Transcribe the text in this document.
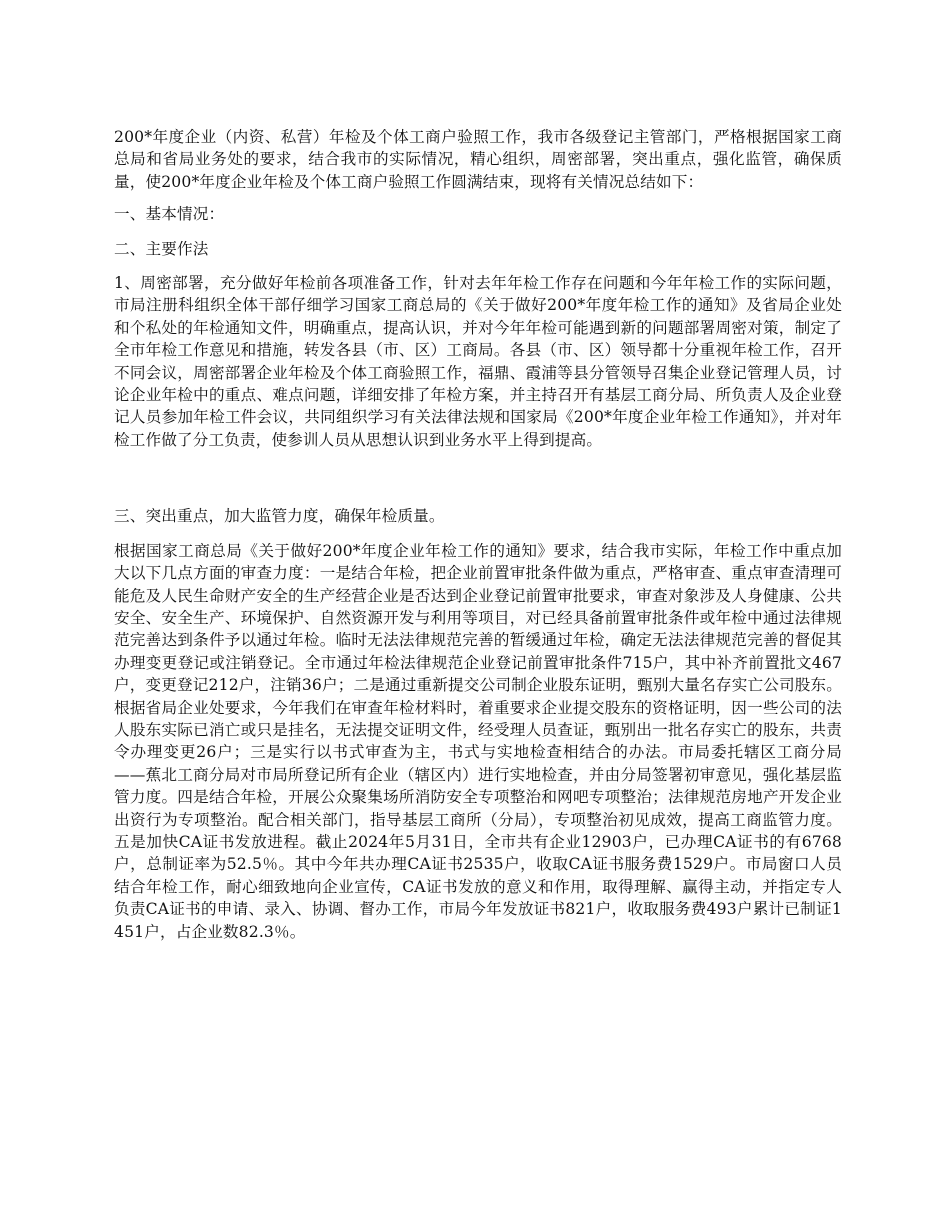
200*年度企业（内资、私营）年检及个体工商户验照工作，我市各级登记主管部门，严格根据国家工商总局和省局业务处的要求，结合我市的实际情况，精心组织，周密部署，突出重点，强化监管，确保质量，使200*年度企业年检及个体工商户验照工作圆满结束，现将有关情况总结如下：

一、基本情况：

二、主要作法

1、周密部署，充分做好年检前各项准备工作，针对去年年检工作存在问题和今年年检工作的实际问题，市局注册科组织全体干部仔细学习国家工商总局的《关于做好200*年度年检工作的通知》及省局企业处和个私处的年检通知文件，明确重点，提高认识，并对今年年检可能遇到新的问题部署周密对策，制定了全市年检工作意见和措施，转发各县（市、区）工商局。各县（市、区）领导都十分重视年检工作，召开不同会议，周密部署企业年检及个体工商验照工作，福鼎、霞浦等县分管领导召集企业登记管理人员，讨论企业年检中的重点、难点问题，详细安排了年检方案，并主持召开有基层工商分局、所负责人及企业登记人员参加年检工件会议，共同组织学习有关法律法规和国家局《200*年度企业年检工作通知》，并对年检工作做了分工负责，使参训人员从思想认识到业务水平上得到提高。

三、突出重点，加大监管力度，确保年检质量。

根据国家工商总局《关于做好200*年度企业年检工作的通知》要求，结合我市实际，年检工作中重点加大以下几点方面的审查力度：一是结合年检，把企业前置审批条件做为重点，严格审查、重点审查清理可能危及人民生命财产安全的生产经营企业是否达到企业登记前置审批要求，审查对象涉及人身健康、公共安全、安全生产、环境保护、自然资源开发与利用等项目，对已经具备前置审批条件或年检中通过法律规范完善达到条件予以通过年检。临时无法法律规范完善的暂缓通过年检，确定无法法律规范完善的督促其办理变更登记或注销登记。全市通过年检法律规范企业登记前置审批条件715户，其中补齐前置批文467户，变更登记212户，注销36户；二是通过重新提交公司制企业股东证明，甄别大量名存实亡公司股东。根据省局企业处要求，今年我们在审查年检材料时，着重要求企业提交股东的资格证明，因一些公司的法人股东实际已消亡或只是挂名，无法提交证明文件，经受理人员查证，甄别出一批名存实亡的股东，共责令办理变更26户；三是实行以书式审查为主，书式与实地检查相结合的办法。市局委托辖区工商分局——蕉北工商分局对市局所登记所有企业（辖区内）进行实地检查，并由分局签署初审意见，强化基层监管力度。四是结合年检，开展公众聚集场所消防安全专项整治和网吧专项整治；法律规范房地产开发企业出资行为专项整治。配合相关部门，指导基层工商所（分局），专项整治初见成效，提高工商监管力度。五是加快CA证书发放进程。截止2024年5月31日，全市共有企业12903户，已办理CA证书的有6768户，总制证率为52.5％。其中今年共办理CA证书2535户，收取CA证书服务费1529户。市局窗口人员结合年检工作，耐心细致地向企业宣传，CA证书发放的意义和作用，取得理解、赢得主动，并指定专人负责CA证书的申请、录入、协调、督办工作，市局今年发放证书821户，收取服务费493户累计已制证1451户，占企业数82.3％。
